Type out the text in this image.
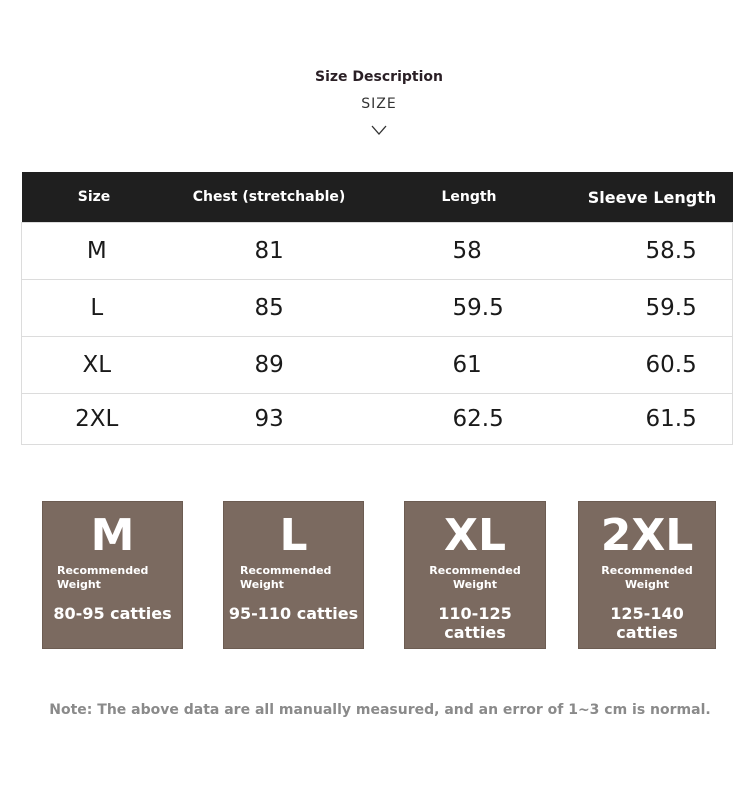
Size Description
SIZE
Size	Chest (stretchable)	Length	Sleeve Length
M	81	58	58.5
L	85	59.5	59.5
XL	89	61	60.5
2XL	93	62.5	61.5
M
Recommended
Weight
80-95 catties
L
Recommended
Weight
95-110 catties
XL
Recommended
Weight
110-125 catties
2XL
Recommended
Weight
125-140 catties
Note: The above data are all manually measured, and an error of 1~3 cm is normal.
